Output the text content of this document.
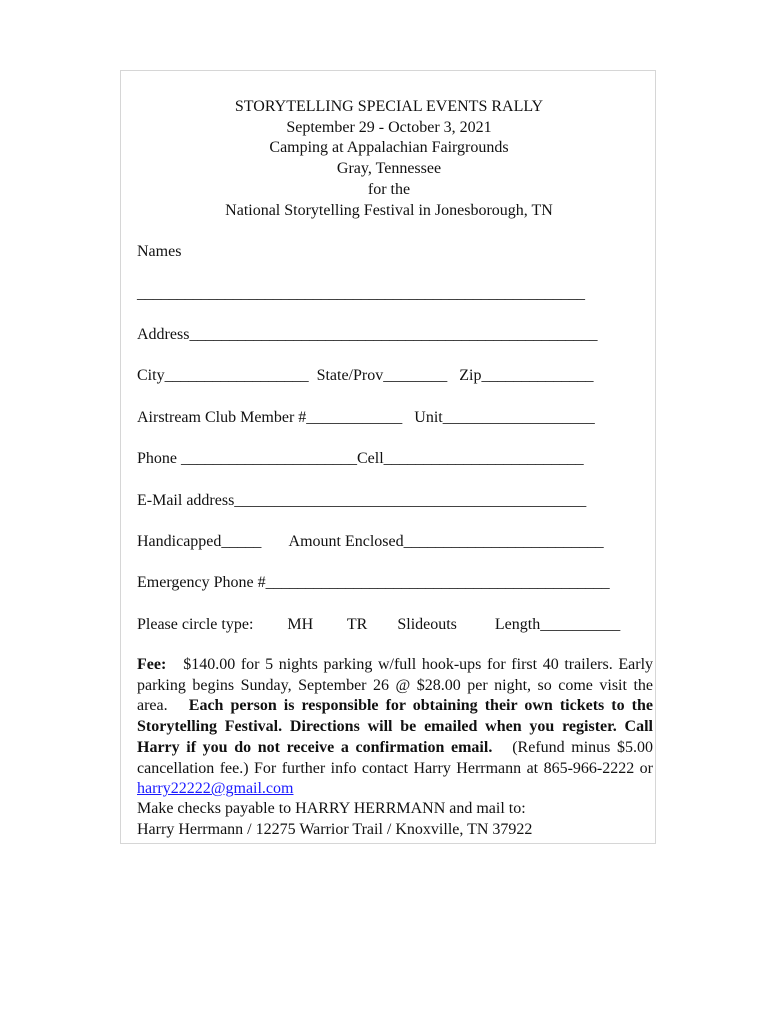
STORYTELLING SPECIAL EVENTS RALLY
September 29 - October 3, 2021
Camping at Appalachian Fairgrounds
Gray, Tennessee
for the
National Storytelling Festival in Jonesborough, TN
Names
________________________________________________________
Address___________________________________________________
City__________________ State/Prov________ Zip______________
Airstream Club Member #____________ Unit___________________
Phone ______________________Cell_________________________
E-Mail address____________________________________________
Handicapped_____ Amount Enclosed_________________________
Emergency Phone #___________________________________________
Please circle type: MH TR Slideouts Length__________
Fee: $140.00 for 5 nights parking w/full hook-ups for first 40 trailers. Early parking begins Sunday, September 26 @ $28.00 per night, so come visit the area. Each person is responsible for obtaining their own tickets to the Storytelling Festival. Directions will be emailed when you register. Call Harry if you do not receive a confirmation email. (Refund minus $5.00 cancellation fee.) For further info contact Harry Herrmann at 865-966-2222 or harry22222@gmail.com
Make checks payable to HARRY HERRMANN and mail to:
Harry Herrmann / 12275 Warrior Trail / Knoxville, TN 37922
